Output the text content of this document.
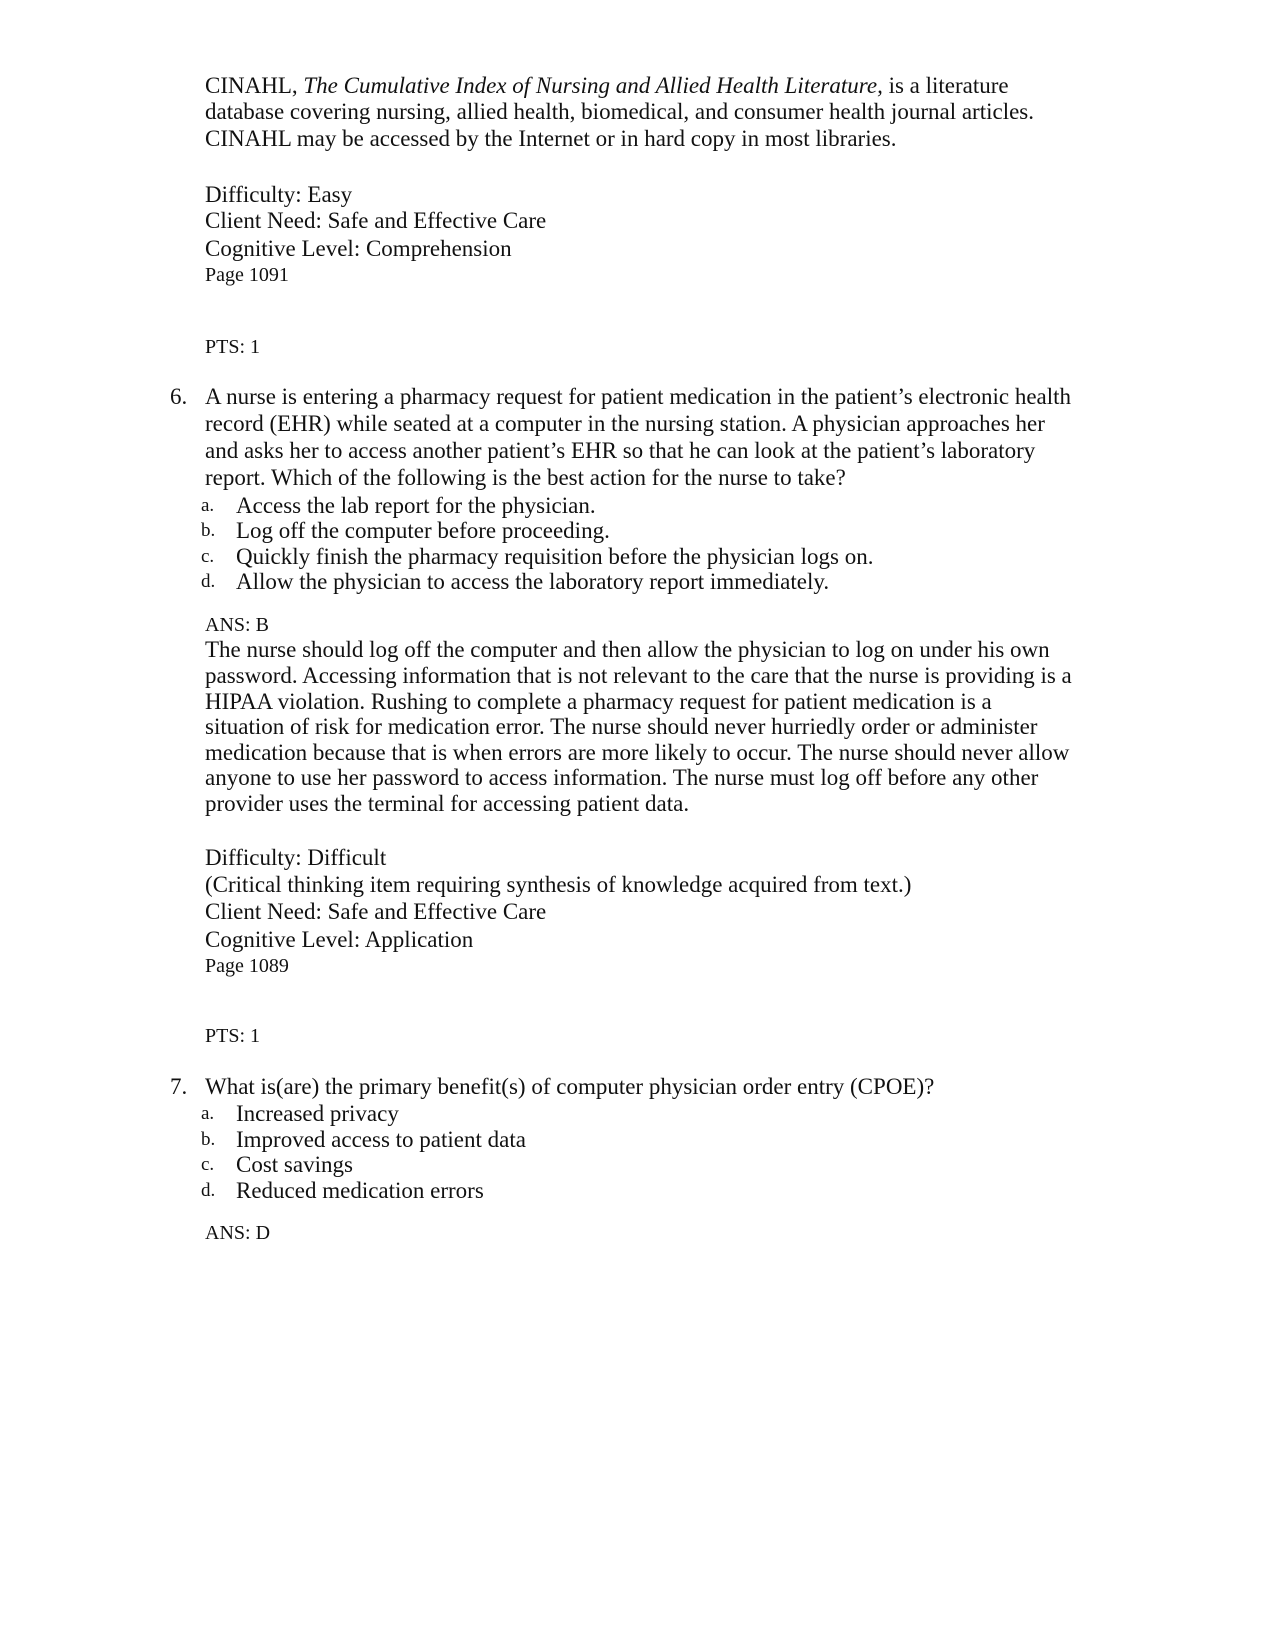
CINAHL, The Cumulative Index of Nursing and Allied Health Literature, is a literature
database covering nursing, allied health, biomedical, and consumer health journal articles.
CINAHL may be accessed by the Internet or in hard copy in most libraries.
Difficulty: Easy
Client Need: Safe and Effective Care
Cognitive Level: Comprehension
Page 1091
PTS: 1
6. A nurse is entering a pharmacy request for patient medication in the patient’s electronic health
record (EHR) while seated at a computer in the nursing station. A physician approaches her
and asks her to access another patient’s EHR so that he can look at the patient’s laboratory
report. Which of the following is the best action for the nurse to take?
a. Access the lab report for the physician.
b. Log off the computer before proceeding.
c. Quickly finish the pharmacy requisition before the physician logs on.
d. Allow the physician to access the laboratory report immediately.
ANS: B
The nurse should log off the computer and then allow the physician to log on under his own
password. Accessing information that is not relevant to the care that the nurse is providing is a
HIPAA violation. Rushing to complete a pharmacy request for patient medication is a
situation of risk for medication error. The nurse should never hurriedly order or administer
medication because that is when errors are more likely to occur. The nurse should never allow
anyone to use her password to access information. The nurse must log off before any other
provider uses the terminal for accessing patient data.
Difficulty: Difficult
(Critical thinking item requiring synthesis of knowledge acquired from text.)
Client Need: Safe and Effective Care
Cognitive Level: Application
Page 1089
PTS: 1
7. What is(are) the primary benefit(s) of computer physician order entry (CPOE)?
a. Increased privacy
b. Improved access to patient data
c. Cost savings
d. Reduced medication errors
ANS: D
